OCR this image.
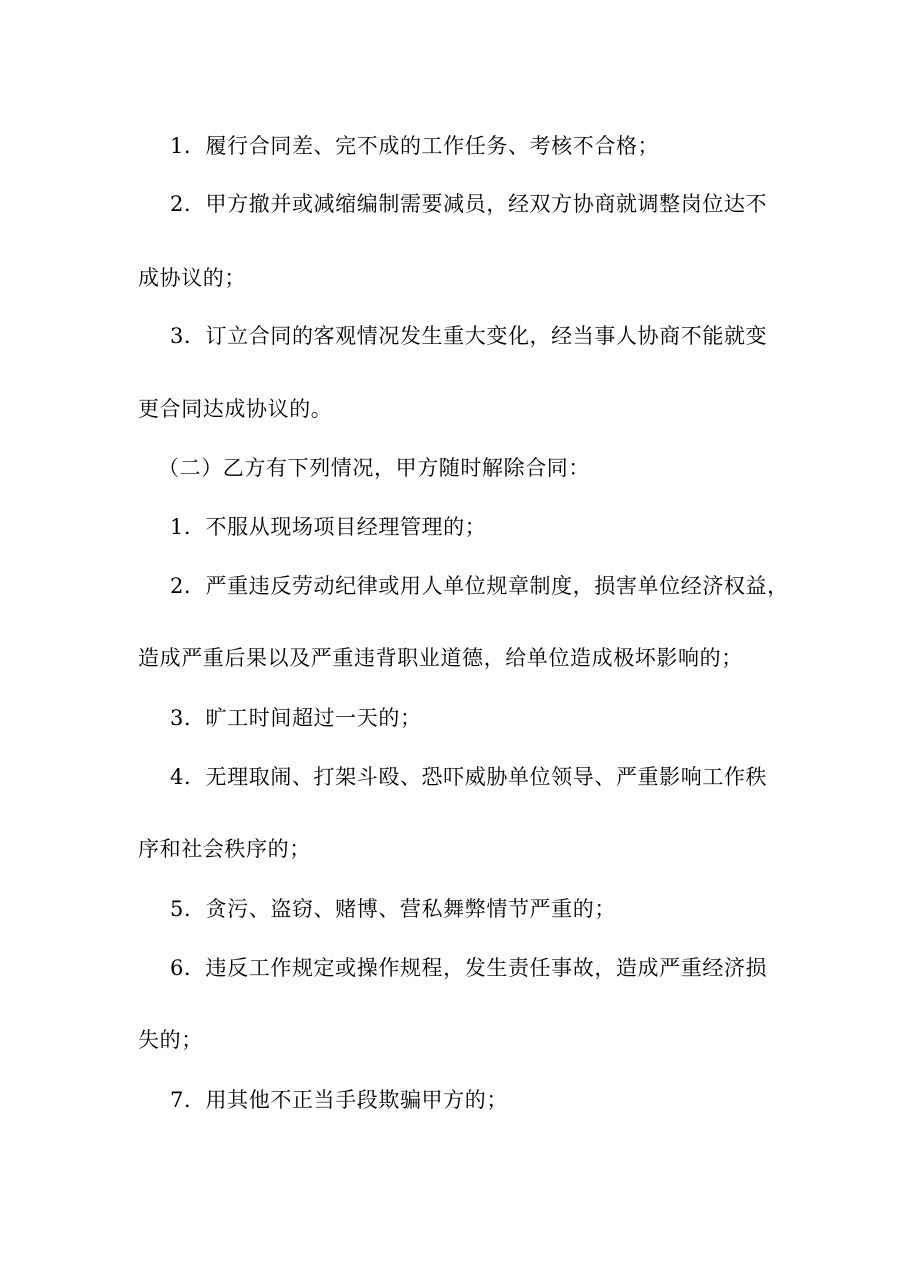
1．履行合同差、完不成的工作任务、考核不合格；
2．甲方撤并或减缩编制需要减员，经双方协商就调整岗位达不
成协议的；
3．订立合同的客观情况发生重大变化，经当事人协商不能就变
更合同达成协议的。
（二）乙方有下列情况，甲方随时解除合同：
1．不服从现场项目经理管理的；
2．严重违反劳动纪律或用人单位规章制度，损害单位经济权益，
造成严重后果以及严重违背职业道德，给单位造成极坏影响的；
3．旷工时间超过一天的；
4．无理取闹、打架斗殴、恐吓威胁单位领导、严重影响工作秩
序和社会秩序的；
5．贪污、盗窃、赌博、营私舞弊情节严重的；
6．违反工作规定或操作规程，发生责任事故，造成严重经济损
失的；
7．用其他不正当手段欺骗甲方的；
